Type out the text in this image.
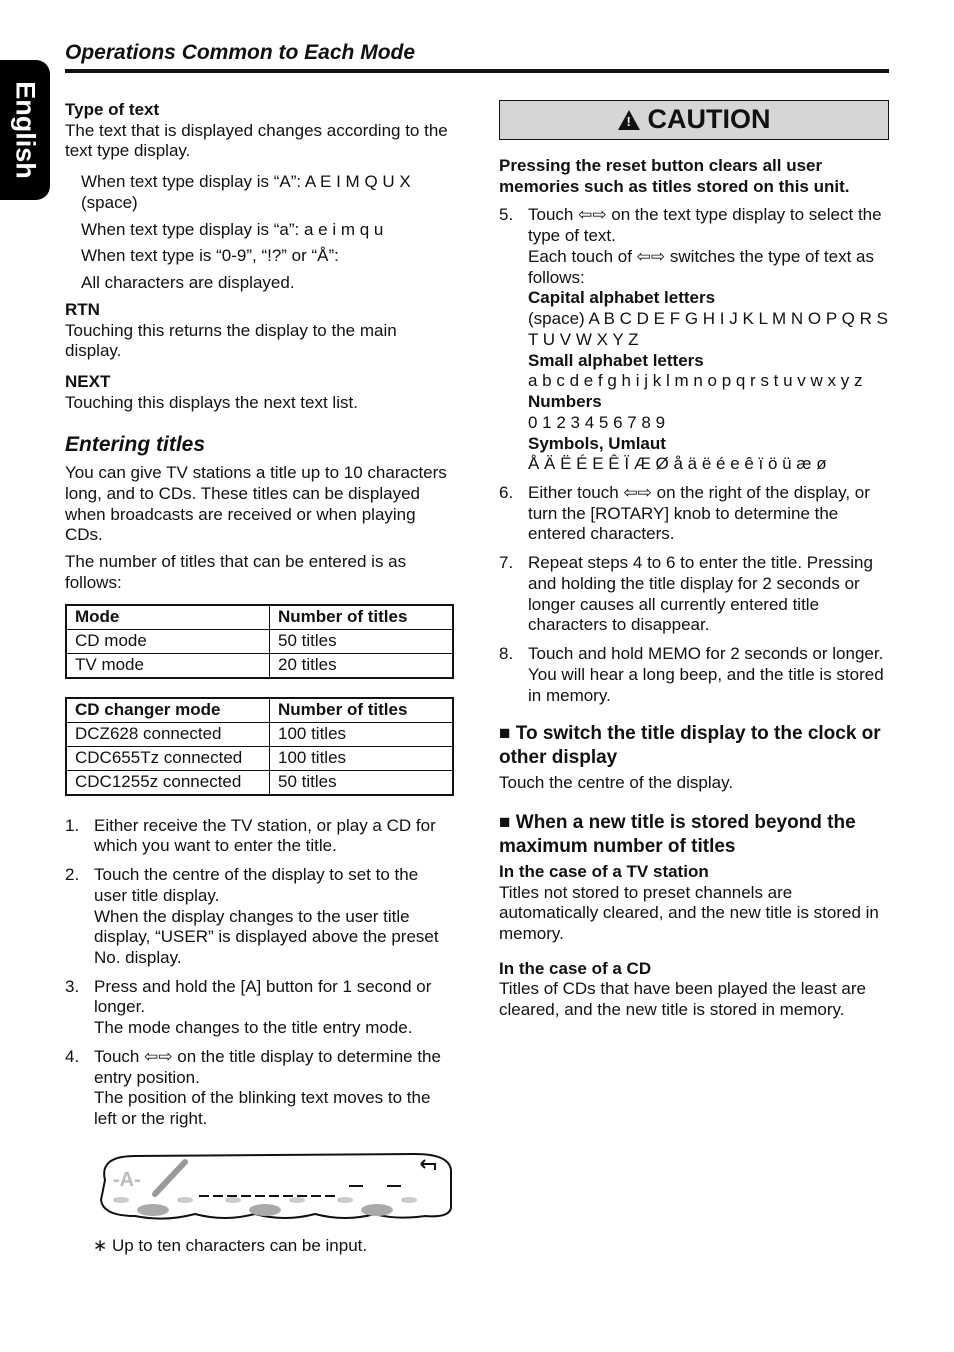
English
Operations Common to Each Mode

Type of text

The text that is displayed changes according to the text type display.

When text type display is “A”: A E I M Q U X (space)

When text type display is “a”: a e i m q u

When text type is “0-9”, “!?” or “Å”:

All characters are displayed.

RTN

Touching this returns the display to the main display.

NEXT

Touching this displays the next text list.

Entering titles

You can give TV stations a title up to 10 characters long, and to CDs. These titles can be displayed when broadcasts are received or when playing CDs.

The number of titles that can be entered is as follows:

Mode	Number of titles
CD mode	50 titles
TV mode	20 titles
CD changer mode	Number of titles
DCZ628 connected	100 titles
CDC655Tz connected	100 titles
CDC1255z connected	50 titles
1. Either receive the TV station, or play a CD for which you want to enter the title.

2. Touch the centre of the display to set to the user title display.

When the display changes to the user title display, “USER” is displayed above the preset No. display.

3. Press and hold the [A] button for 1 second or longer.

The mode changes to the title entry mode.

4. Touch ⇦⇨ on the title display to determine the entry position.

The position of the blinking text moves to the left or the right.

-A-

∗ Up to ten characters can be input.

! CAUTION

Pressing the reset button clears all user memories such as titles stored on this unit.

5. Touch ⇦⇨ on the text type display to select the type of text.

Each touch of ⇦⇨ switches the type of text as follows:

Capital alphabet letters

(space) A B C D E F G H I J K L M N O P Q R S T U V W X Y Z

Small alphabet letters

a b c d e f g h i j k l m n o p q r s t u v w x y z

Numbers

0 1 2 3 4 5 6 7 8 9

Symbols, Umlaut

Å Ä Ë É E Ê Ï Æ Ø å ä ë é e ê ï ö ü æ ø

6. Either touch ⇦⇨ on the right of the display, or turn the [ROTARY] knob to determine the entered characters.

7. Repeat steps 4 to 6 to enter the title. Pressing and holding the title display for 2 seconds or longer causes all currently entered title characters to disappear.

8. Touch and hold MEMO for 2 seconds or longer.

You will hear a long beep, and the title is stored in memory.

■ To switch the title display to the clock or other display

Touch the centre of the display.

■ When a new title is stored beyond the maximum number of titles

In the case of a TV station

Titles not stored to preset channels are automatically cleared, and the new title is stored in memory.

In the case of a CD

Titles of CDs that have been played the least are cleared, and the new title is stored in memory.
